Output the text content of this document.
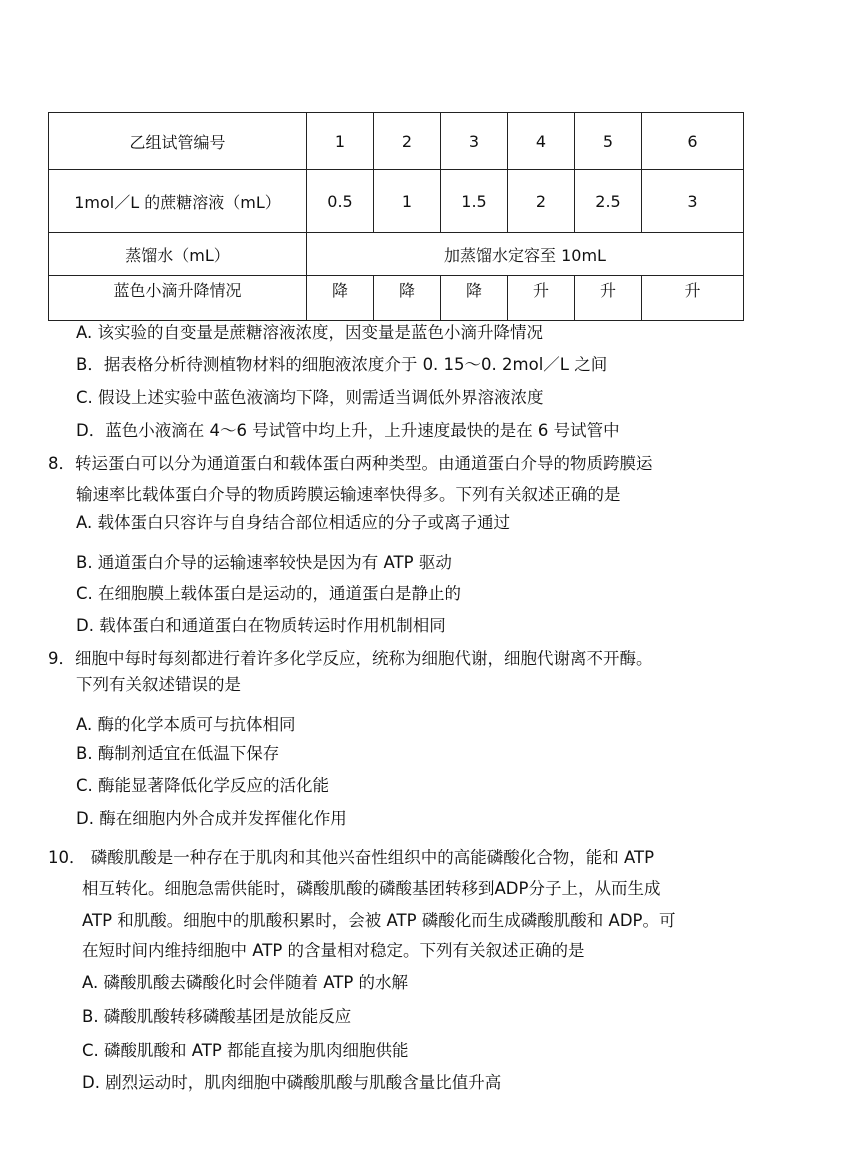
乙组试管编号	1	2	3	4	5	6
1mol／L 的蔗糖溶液（mL）	0.5	1	1.5	2	2.5	3
蒸馏水（mL）	加蒸馏水定容至 10mL					
蓝色小滴升降情况	降	降	降	升	升	升
A. 该实验的自变量是蔗糖溶液浓度，因变量是蓝色小滴升降情况
B．据表格分析待测植物材料的细胞液浓度介于 0. 15～0. 2mol／L 之间
C. 假设上述实验中蓝色液滴均下降，则需适当调低外界溶液浓度
D．蓝色小液滴在 4～6 号试管中均上升，上升速度最快的是在 6 号试管中
8．转运蛋白可以分为通道蛋白和载体蛋白两种类型。由通道蛋白介导的物质跨膜运
输速率比载体蛋白介导的物质跨膜运输速率快得多。下列有关叙述正确的是
A. 载体蛋白只容许与自身结合部位相适应的分子或离子通过
B. 通道蛋白介导的运输速率较快是因为有 ATP 驱动
C. 在细胞膜上载体蛋白是运动的，通道蛋白是静止的
D. 载体蛋白和通道蛋白在物质转运时作用机制相同
9．细胞中每时每刻都进行着许多化学反应，统称为细胞代谢，细胞代谢离不开酶。
下列有关叙述错误的是
A. 酶的化学本质可与抗体相同
B. 酶制剂适宜在低温下保存
C. 酶能显著降低化学反应的活化能
D. 酶在细胞内外合成并发挥催化作用
10． 磷酸肌酸是一种存在于肌肉和其他兴奋性组织中的高能磷酸化合物，能和 ATP
相互转化。细胞急需供能时，磷酸肌酸的磷酸基团转移到ADP分子上，从而生成
ATP 和肌酸。细胞中的肌酸积累时，会被 ATP 磷酸化而生成磷酸肌酸和 ADP。可
在短时间内维持细胞中 ATP 的含量相对稳定。下列有关叙述正确的是
A. 磷酸肌酸去磷酸化时会伴随着 ATP 的水解
B. 磷酸肌酸转移磷酸基团是放能反应
C. 磷酸肌酸和 ATP 都能直接为肌肉细胞供能
D. 剧烈运动时，肌肉细胞中磷酸肌酸与肌酸含量比值升高
